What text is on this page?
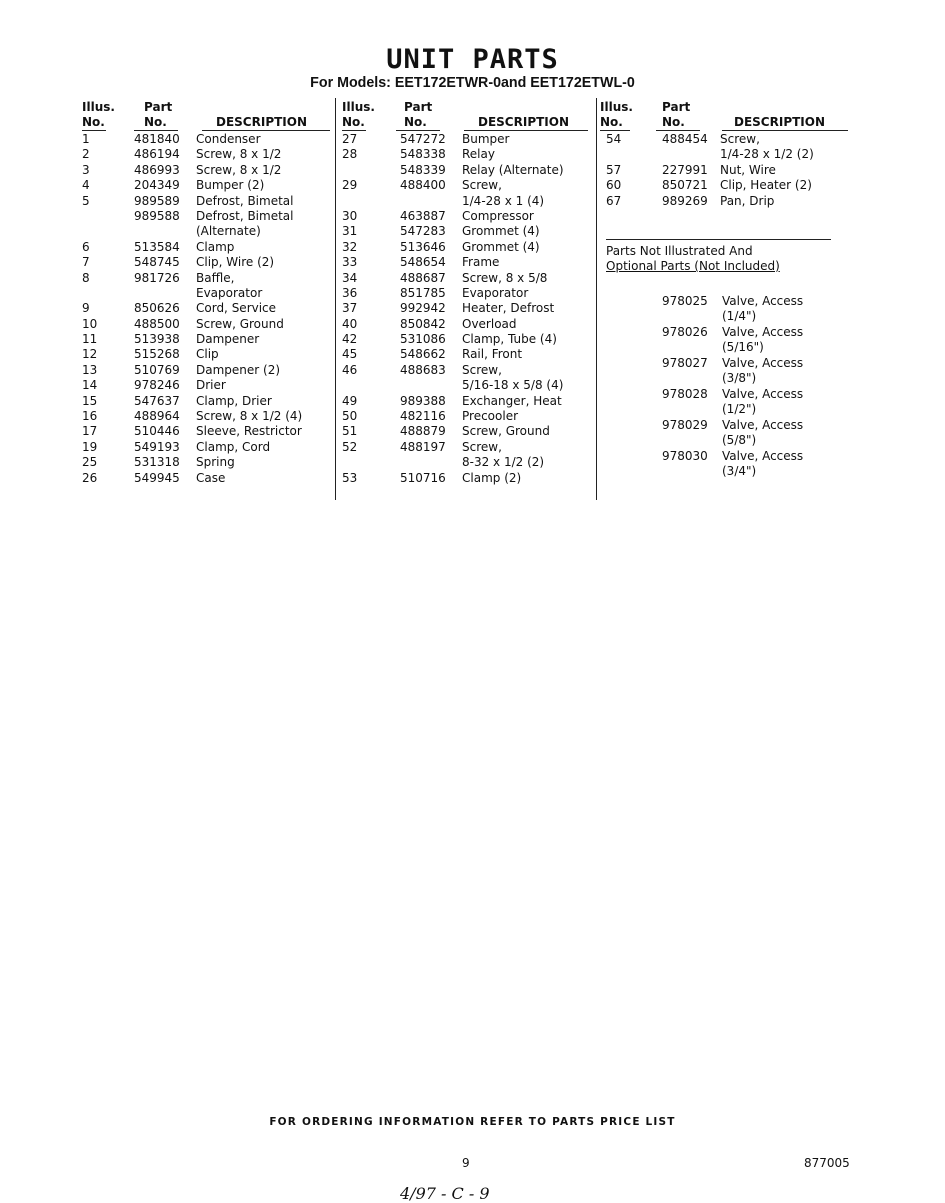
UNIT PARTS
For Models: EET172ETWR-0and EET172ETWL-0
Illus.
No.
Part
No.	DESCRIPTION
1	481840 Condenser
2	486194 Screw, 8 x 1/2
3	486993 Screw, 8 x 1/2
4	204349 Bumper (2)
5	989589 Defrost, Bimetal
989588 Defrost, Bimetal
(Alternate)
6	513584 Clamp
7	548745 Clip, Wire (2)
8	981726 Baffle,
Evaporator
9	850626 Cord, Service
10	488500 Screw, Ground
11	513938 Dampener
12	515268 Clip
13	510769 Dampener (2)
14	978246 Drier
15	547637 Clamp, Drier
16	488964 Screw, 8 x 1/2 (4)
17	510446 Sleeve, Restrictor
19	549193 Clamp, Cord
25	531318 Spring
26	549945 Case
Illus.
No.
Part
No.	DESCRIPTION
27	547272 Bumper
28	548338 Relay
548339 Relay (Alternate)
29	488400 Screw,
1/4-28 x 1 (4)
30	463887 Compressor
31	547283 Grommet (4)
32	513646 Grommet (4)
33	548654 Frame
34	488687 Screw, 8 x 5/8
36	851785 Evaporator
37	992942 Heater, Defrost
40	850842 Overload
42	531086 Clamp, Tube (4)
45	548662 Rail, Front
46	488683 Screw,
5/16-18 x 5/8 (4)
49	989388 Exchanger, Heat
50	482116 Precooler
51	488879 Screw, Ground
52	488197 Screw,
8-32 x 1/2 (2)
53	510716 Clamp (2)
Illus.
No.
Part
No.	DESCRIPTION
54	488454 Screw,
1/4-28 x 1/2 (2)
57	227991 Nut, Wire
60	850721 Clip, Heater (2)
67	989269 Pan, Drip
Parts Not Illustrated And
Optional Parts (Not Included)
978025 Valve, Access
(1/4")
978026 Valve, Access
(5/16")
978027 Valve, Access
(3/8")
978028 Valve, Access
(1/2")
978029 Valve, Access
(5/8")
978030 Valve, Access
(3/4")
FOR ORDERING INFORMATION REFER TO PARTS PRICE LIST
9	877005
4/97 - C - 9
